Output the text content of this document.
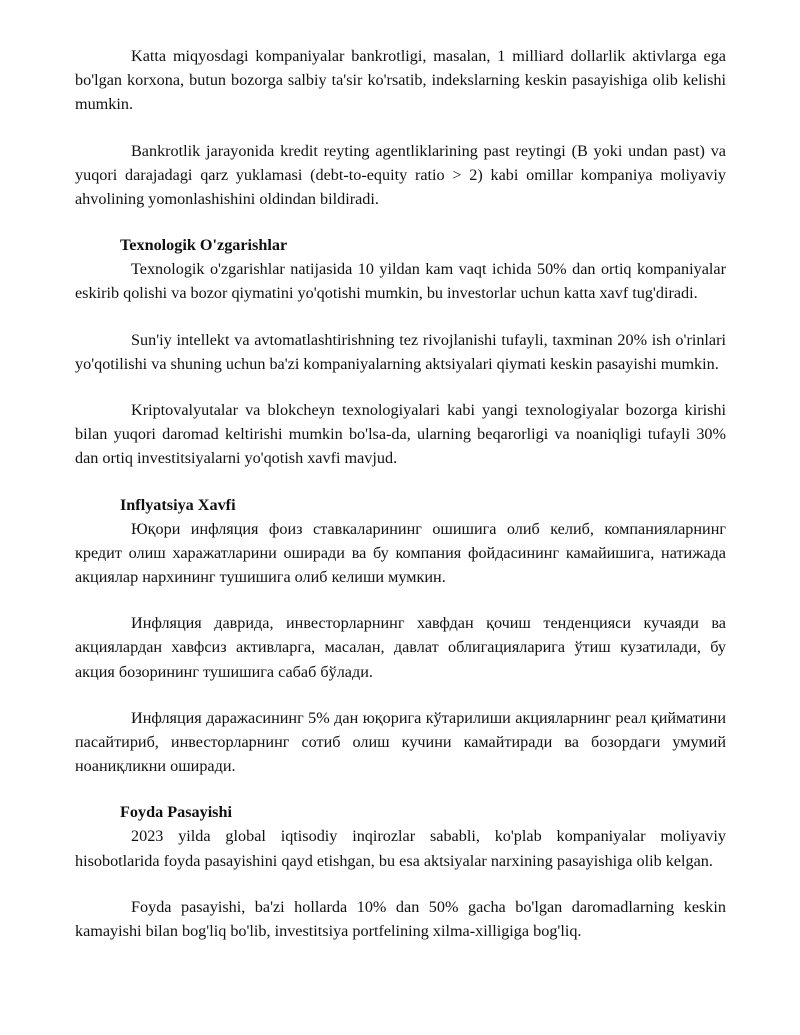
Katta miqyosdagi kompaniyalar bankrotligi, masalan, 1 milliard dollarlik aktivlarga ega bo'lgan korxona, butun bozorga salbiy ta'sir ko'rsatib, indekslarning keskin pasayishiga olib kelishi mumkin.

Bankrotlik jarayonida kredit reyting agentliklarining past reytingi (B yoki undan past) va yuqori darajadagi qarz yuklamasi (debt-to-equity ratio > 2) kabi omillar kompaniya moliyaviy ahvolining yomonlashishini oldindan bildiradi.

Texnologik O'zgarishlar

Texnologik o'zgarishlar natijasida 10 yildan kam vaqt ichida 50% dan ortiq kompaniyalar eskirib qolishi va bozor qiymatini yo'qotishi mumkin, bu investorlar uchun katta xavf tug'diradi.

Sun'iy intellekt va avtomatlashtirishning tez rivojlanishi tufayli, taxminan 20% ish o'rinlari yo'qotilishi va shuning uchun ba'zi kompaniyalarning aktsiyalari qiymati keskin pasayishi mumkin.

Kriptovalyutalar va blokcheyn texnologiyalari kabi yangi texnologiyalar bozorga kirishi bilan yuqori daromad keltirishi mumkin bo'lsa-da, ularning beqarorligi va noaniqligi tufayli 30% dan ortiq investitsiyalarni yo'qotish xavfi mavjud.

Inflyatsiya Xavfi

Юқори инфляция фоиз ставкаларининг ошишига олиб келиб, компанияларнинг кредит олиш харажатларини оширади ва бу компания фойдасининг камайишига, натижада акциялар нархининг тушишига олиб келиши мумкин.

Инфляция даврида, инвесторларнинг хавфдан қочиш тенденцияси кучаяди ва акциялардан хавфсиз активларга, масалан, давлат облигацияларига ўтиш кузатилади, бу акция бозорининг тушишига сабаб бўлади.

Инфляция даражасининг 5% дан юқорига кўтарилиши акцияларнинг реал қийматини пасайтириб, инвесторларнинг сотиб олиш кучини камайтиради ва бозордаги умумий ноаниқликни оширади.

Foyda Pasayishi

2023 yilda global iqtisodiy inqirozlar sababli, ko'plab kompaniyalar moliyaviy hisobotlarida foyda pasayishini qayd etishgan, bu esa aktsiyalar narxining pasayishiga olib kelgan.

Foyda pasayishi, ba'zi hollarda 10% dan 50% gacha bo'lgan daromadlarning keskin kamayishi bilan bog'liq bo'lib, investitsiya portfelining xilma-xilligiga bog'liq.
